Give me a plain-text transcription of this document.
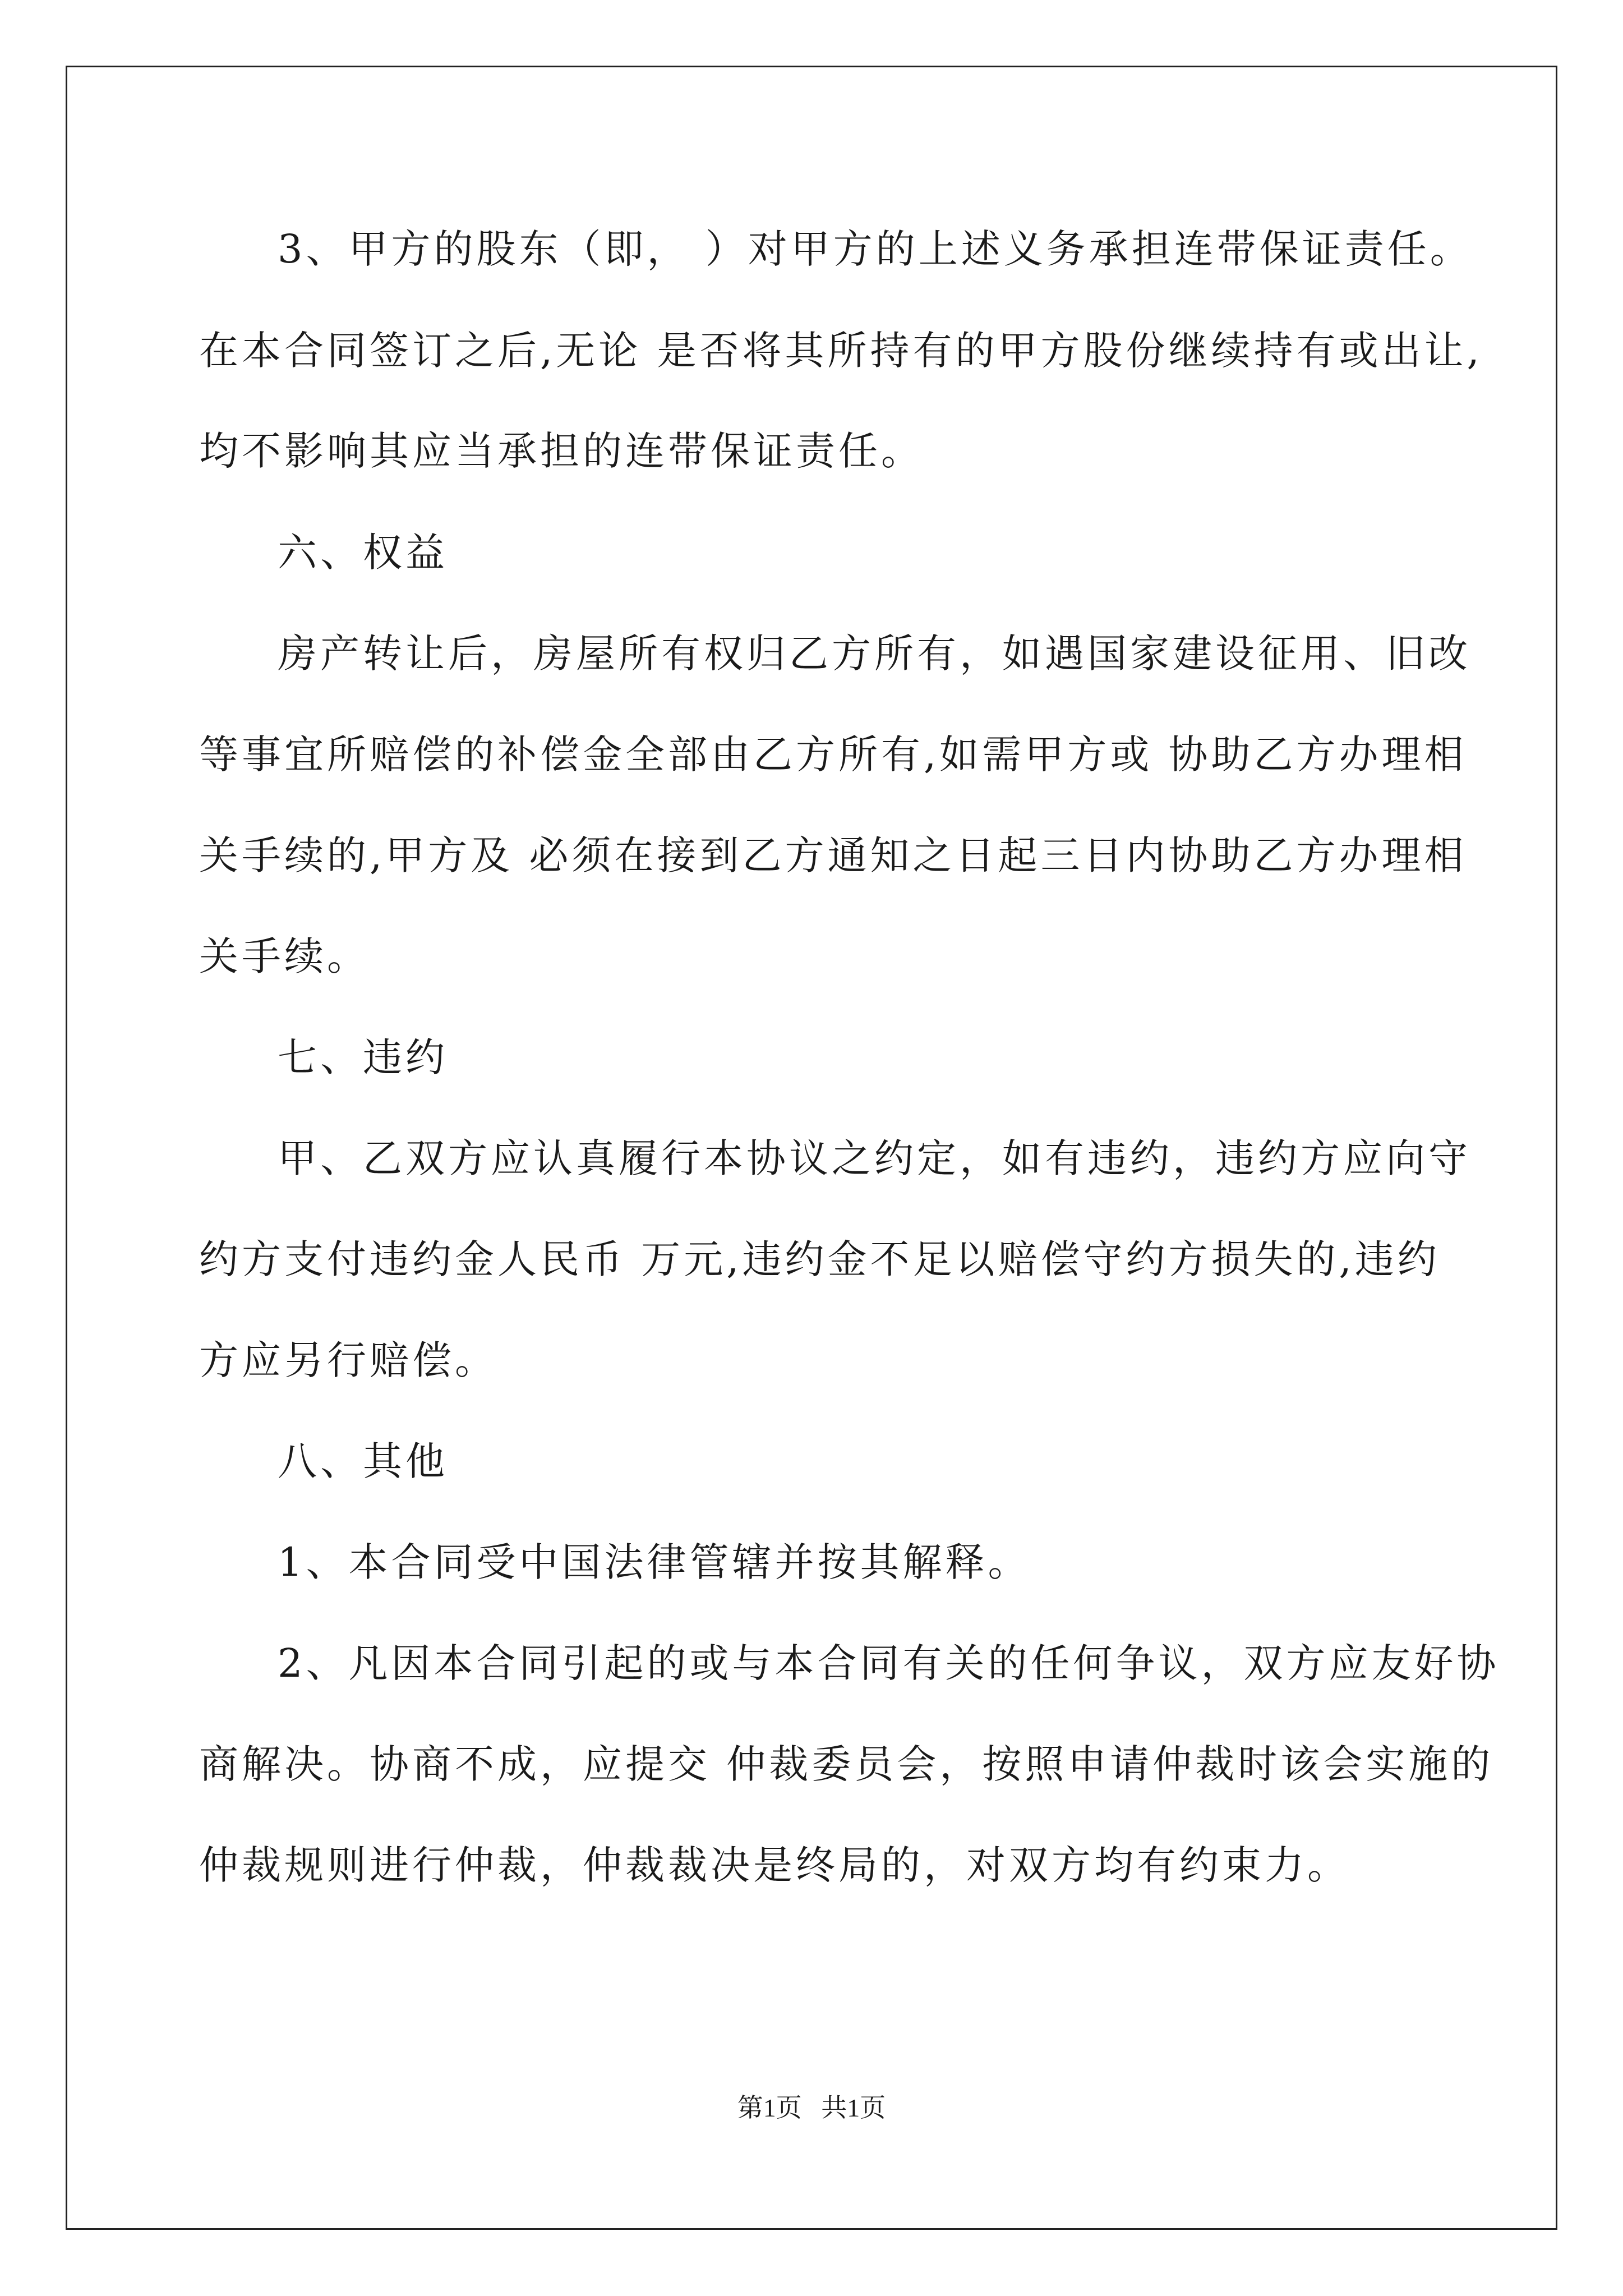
3、甲方的股东（即， ）对甲方的上述义务承担连带保证责任。
在本合同签订之后,无论 是否将其所持有的甲方股份继续持有或出让,
均不影响其应当承担的连带保证责任。
六、权益
房产转让后，房屋所有权归乙方所有，如遇国家建设征用、旧改
等事宜所赔偿的补偿金全部由乙方所有,如需甲方或 协助乙方办理相
关手续的,甲方及 必须在接到乙方通知之日起三日内协助乙方办理相
关手续。
七、违约
甲、乙双方应认真履行本协议之约定，如有违约，违约方应向守
约方支付违约金人民币 万元,违约金不足以赔偿守约方损失的,违约
方应另行赔偿。
八、其他
1、本合同受中国法律管辖并按其解释。
2、凡因本合同引起的或与本合同有关的任何争议，双方应友好协
商解决。协商不成，应提交 仲裁委员会，按照申请仲裁时该会实施的
仲裁规则进行仲裁，仲裁裁决是终局的，对双方均有约束力。
第1页   共1页
